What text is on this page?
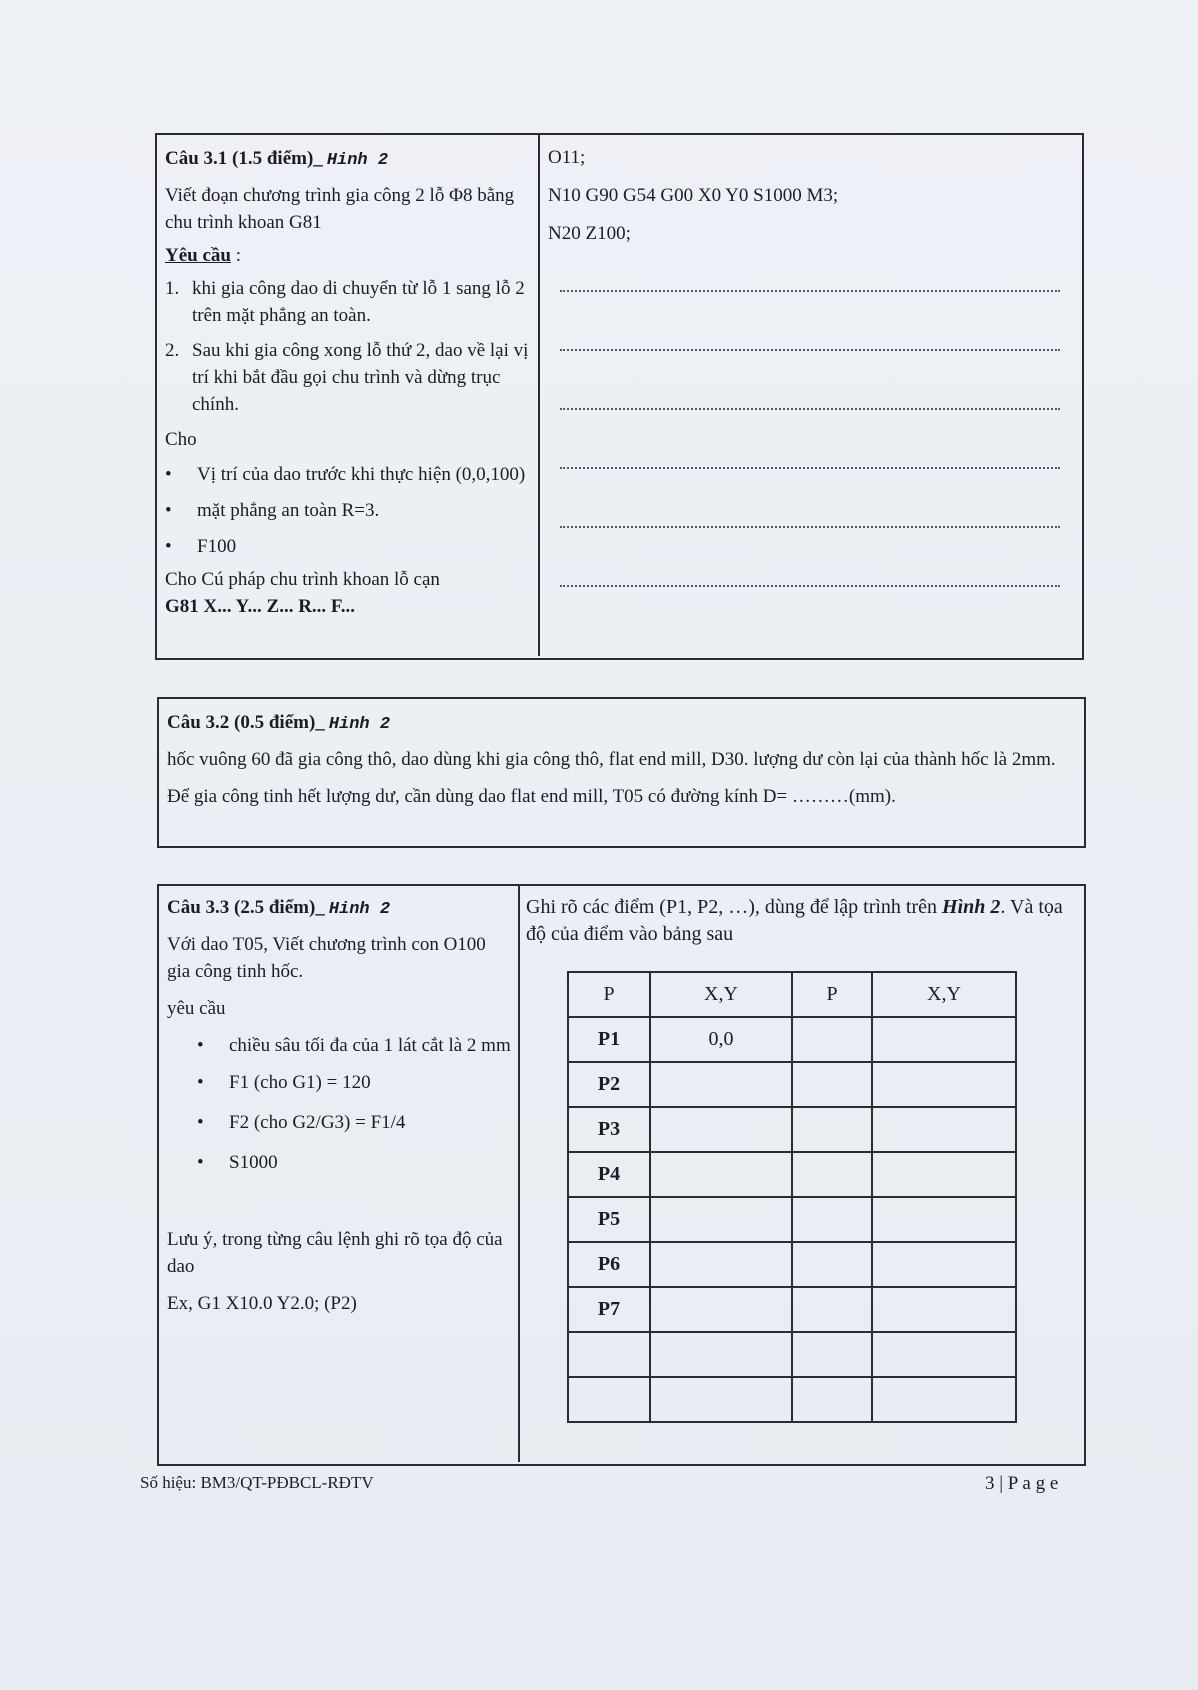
Câu 3.1 (1.5 điểm)_ Hinh 2
Viết đoạn chương trình gia công 2 lỗ Φ8 bằng chu trình khoan G81
Yêu cầu :
1. khi gia công dao di chuyển từ lỗ 1 sang lỗ 2 trên mặt phẳng an toàn.
2. Sau khi gia công xong lỗ thứ 2, dao về lại vị trí khi bắt đầu gọi chu trình và dừng trục chính.
Cho
• Vị trí của dao trước khi thực hiện (0,0,100)
• mặt phẳng an toàn R=3.
• F100
Cho Cú pháp chu trình khoan lỗ cạn
G81 X... Y... Z... R... F...
O11;
N10 G90 G54 G00 X0 Y0 S1000 M3;
N20 Z100;
Câu 3.2 (0.5 điểm)_ Hinh 2
hốc vuông 60 đã gia công thô, dao dùng khi gia công thô, flat end mill, D30. lượng dư còn lại của thành hốc là 2mm.
Để gia công tinh hết lượng dư, cần dùng dao flat end mill, T05 có đường kính D= ………(mm).
Câu 3.3 (2.5 điểm)_ Hinh 2
Với dao T05, Viết chương trình con O100 gia công tinh hốc.
yêu cầu
• chiều sâu tối đa của 1 lát cắt là 2 mm
• F1 (cho G1) = 120
• F2 (cho G2/G3) = F1/4
• S1000
Lưu ý, trong từng câu lệnh ghi rõ tọa độ của dao
Ex, G1 X10.0 Y2.0; (P2)
Ghi rõ các điểm (P1, P2, …), dùng để lập trình trên Hình 2. Và tọa độ của điểm vào bảng sau
P	X,Y	P	X,Y
P1	0,0		
P2			
P3			
P4			
P5			
P6			
P7			

Số hiệu: BM3/QT-PĐBCL-RĐTV	3 | P a g e
